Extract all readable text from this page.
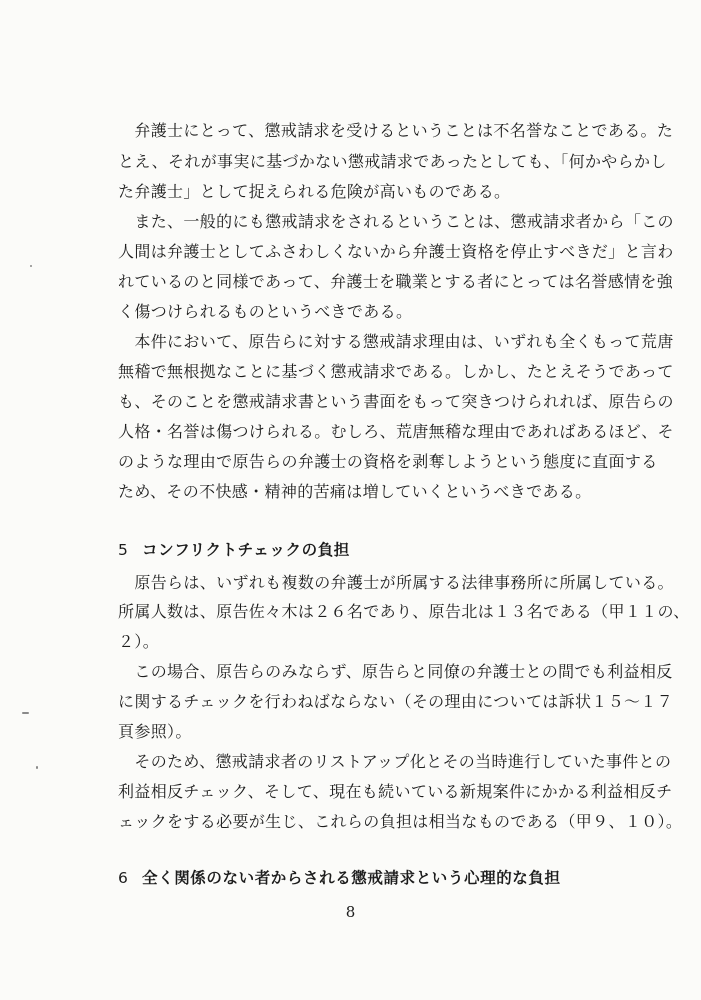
　弁護士にとって、懲戒請求を受けるということは不名誉なことである。た
とえ、それが事実に基づかない懲戒請求であったとしても、「何かやらかし
た弁護士」として捉えられる危険が高いものである。
　また、一般的にも懲戒請求をされるということは、懲戒請求者から「この
人間は弁護士としてふさわしくないから弁護士資格を停止すべきだ」と言わ
れているのと同様であって、弁護士を職業とする者にとっては名誉感情を強
く傷つけられるものというべきである。
　本件において、原告らに対する懲戒請求理由は、いずれも全くもって荒唐
無稽で無根拠なことに基づく懲戒請求である。しかし、たとえそうであって
も、そのことを懲戒請求書という書面をもって突きつけられれば、原告らの
人格・名誉は傷つけられる。むしろ、荒唐無稽な理由であればあるほど、そ
のような理由で原告らの弁護士の資格を剥奪しようという態度に直面する
ため、その不快感・精神的苦痛は増していくというべきである。
5 コンフリクトチェックの負担
　原告らは、いずれも複数の弁護士が所属する法律事務所に所属している。
所属人数は、原告佐々木は２６名であり、原告北は１３名である（甲１１の、
２）。
　この場合、原告らのみならず、原告らと同僚の弁護士との間でも利益相反
に関するチェックを行わねばならない（その理由については訴状１５～１７
頁参照）。
　そのため、懲戒請求者のリストアップ化とその当時進行していた事件との
利益相反チェック、そして、現在も続いている新規案件にかかる利益相反チ
ェックをする必要が生じ、これらの負担は相当なものである（甲９、１０）。
6 全く関係のない者からされる懲戒請求という心理的な負担
8
